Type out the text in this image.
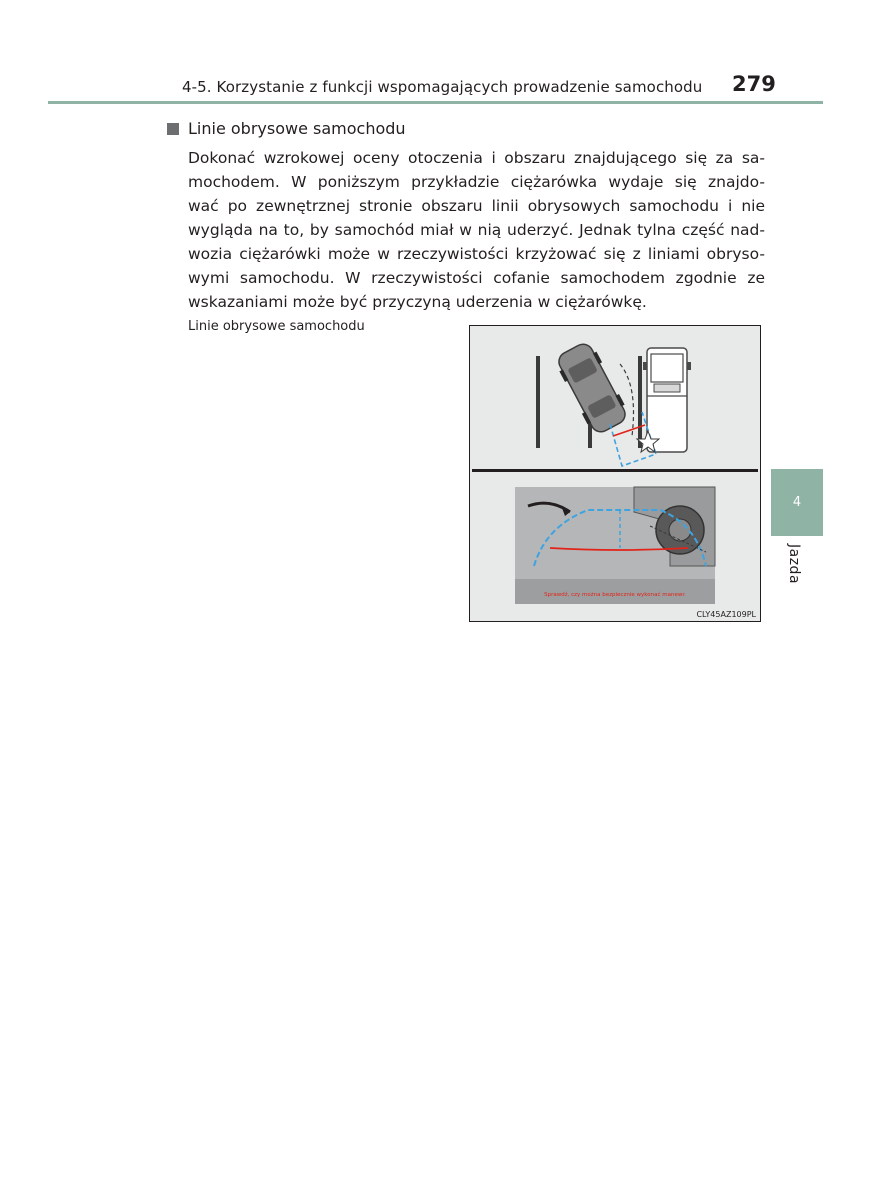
4-5. Korzystanie z funkcji wspomagających prowadzenie samochodu 279
Linie obrysowe samochodu
Dokonać wzrokowej oceny otoczenia i obszaru znajdującego się za sa-
mochodem. W poniższym przykładzie ciężarówka wydaje się znajdo-
wać po zewnętrznej stronie obszaru linii obrysowych samochodu i nie
wygląda na to, by samochód miał w nią uderzyć. Jednak tylna część nad-
wozia ciężarówki może w rzeczywistości krzyżować się z liniami obryso-
wymi samochodu. W rzeczywistości cofanie samochodem zgodnie ze
wskazaniami może być przyczyną uderzenia w ciężarówkę.
Linie obrysowe samochodu
Sprawdź, czy można bezpiecznie wykonać manewr.
CLY45AZ109PL
4
Jazda
